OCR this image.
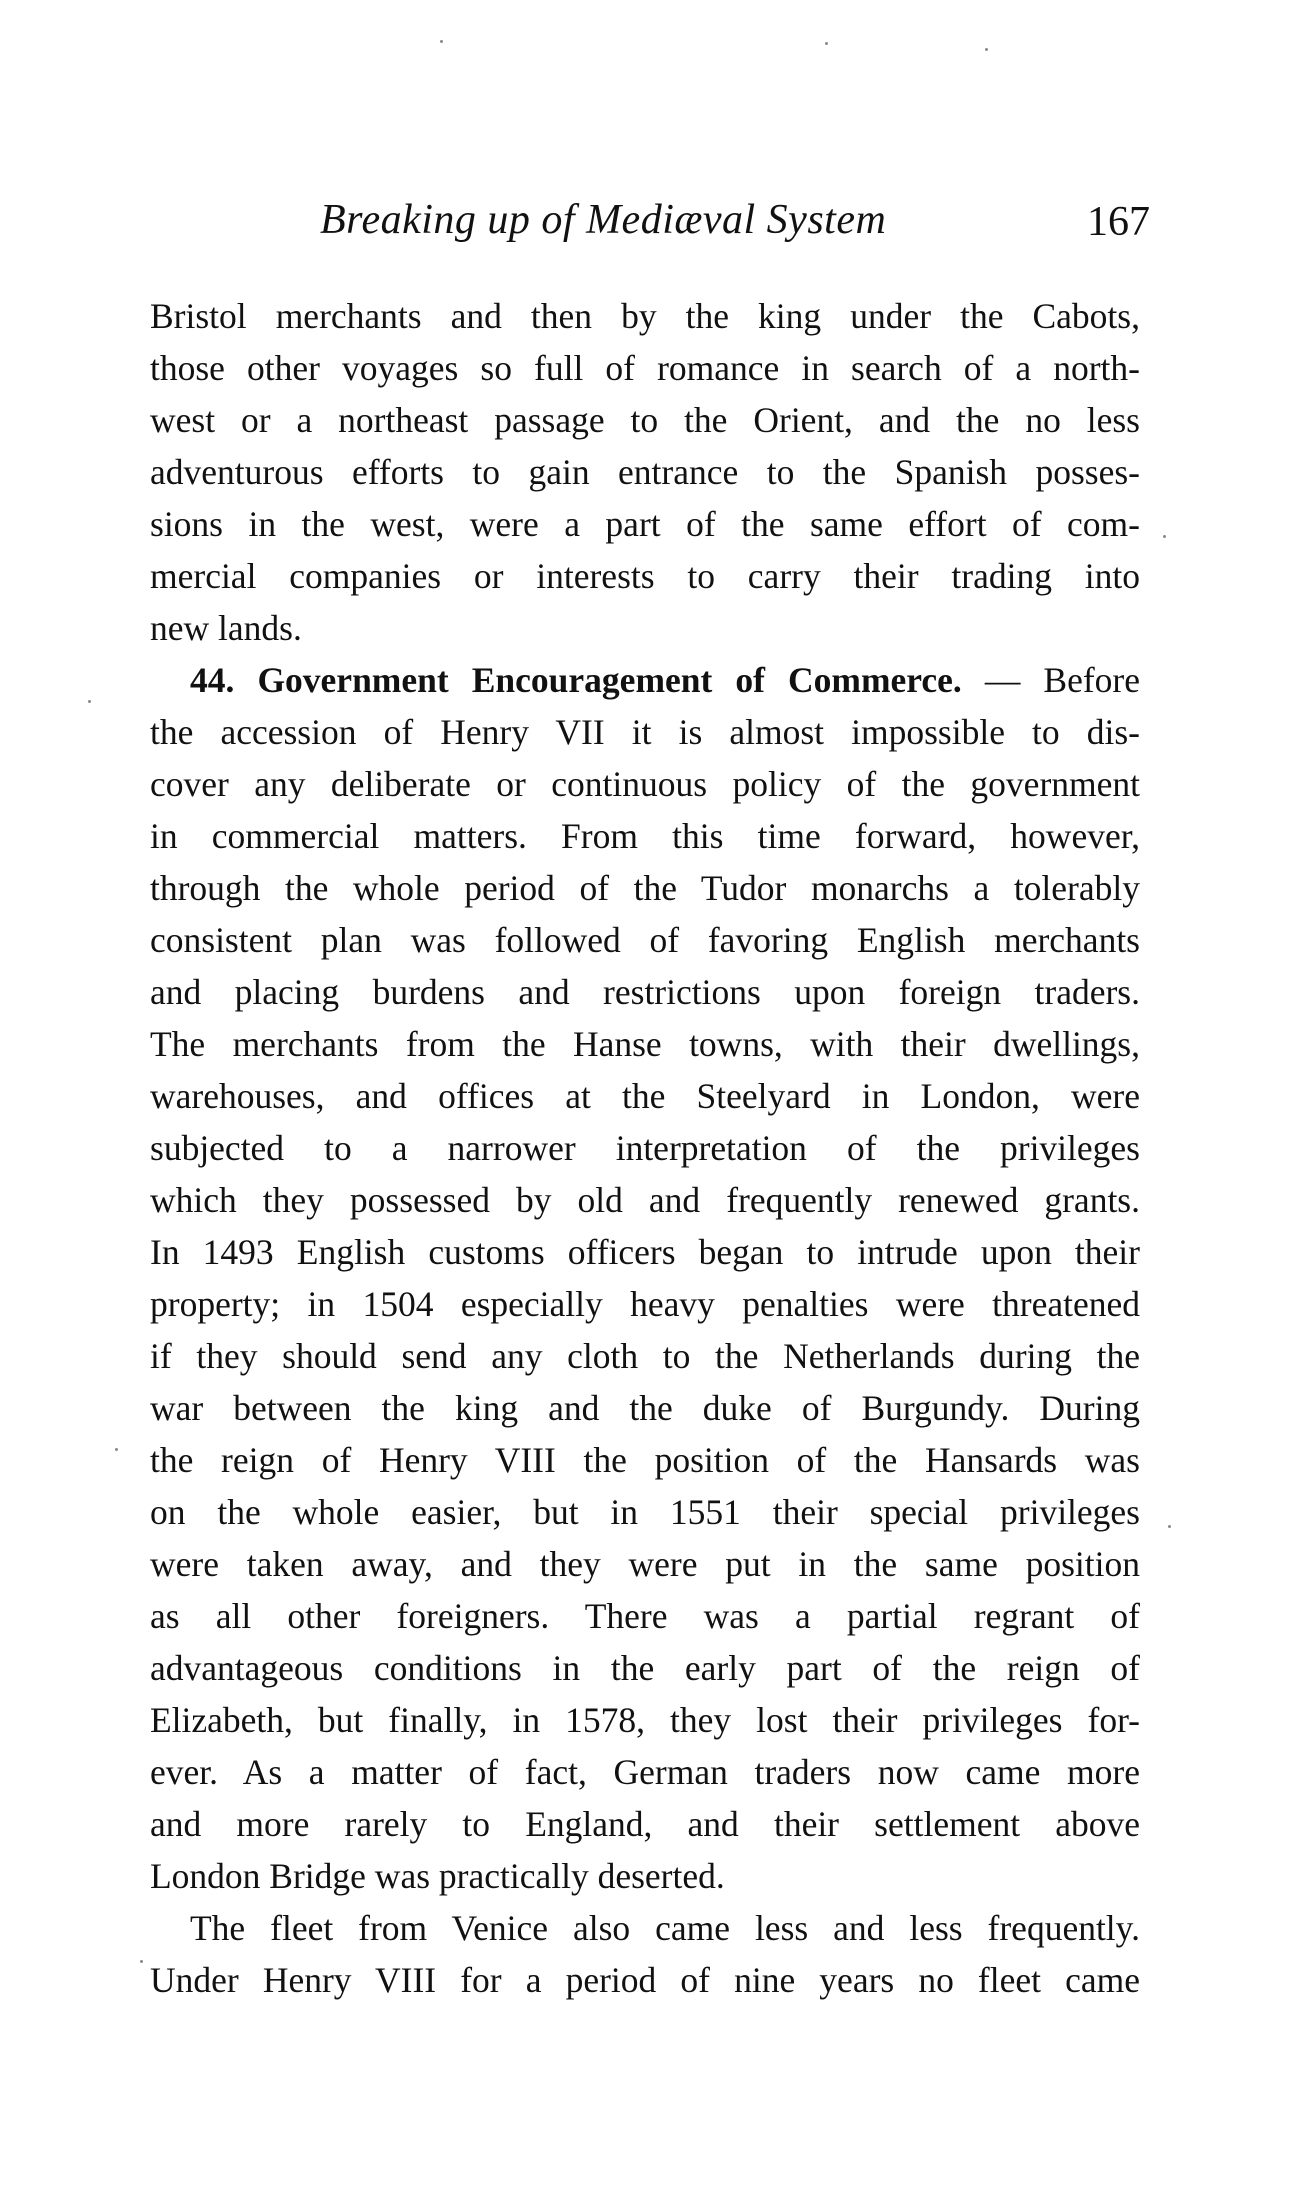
Breaking up of Mediæval System	167
Bristol merchants and then by the king under the Cabots,
those other voyages so full of romance in search of a north-
west or a northeast passage to the Orient, and the no less
adventurous efforts to gain entrance to the Spanish posses-
sions in the west, were a part of the same effort of com-
mercial companies or interests to carry their trading into
new lands.
44. Government Encouragement of Commerce. — Before
the accession of Henry VII it is almost impossible to dis-
cover any deliberate or continuous policy of the government
in commercial matters. From this time forward, however,
through the whole period of the Tudor monarchs a tolerably
consistent plan was followed of favoring English merchants
and placing burdens and restrictions upon foreign traders.
The merchants from the Hanse towns, with their dwellings,
warehouses, and offices at the Steelyard in London, were
subjected to a narrower interpretation of the privileges
which they possessed by old and frequently renewed grants.
In 1493 English customs officers began to intrude upon their
property; in 1504 especially heavy penalties were threatened
if they should send any cloth to the Netherlands during the
war between the king and the duke of Burgundy. During
the reign of Henry VIII the position of the Hansards was
on the whole easier, but in 1551 their special privileges
were taken away, and they were put in the same position
as all other foreigners. There was a partial regrant of
advantageous conditions in the early part of the reign of
Elizabeth, but finally, in 1578, they lost their privileges for-
ever. As a matter of fact, German traders now came more
and more rarely to England, and their settlement above
London Bridge was practically deserted.
The fleet from Venice also came less and less frequently.
Under Henry VIII for a period of nine years no fleet came
